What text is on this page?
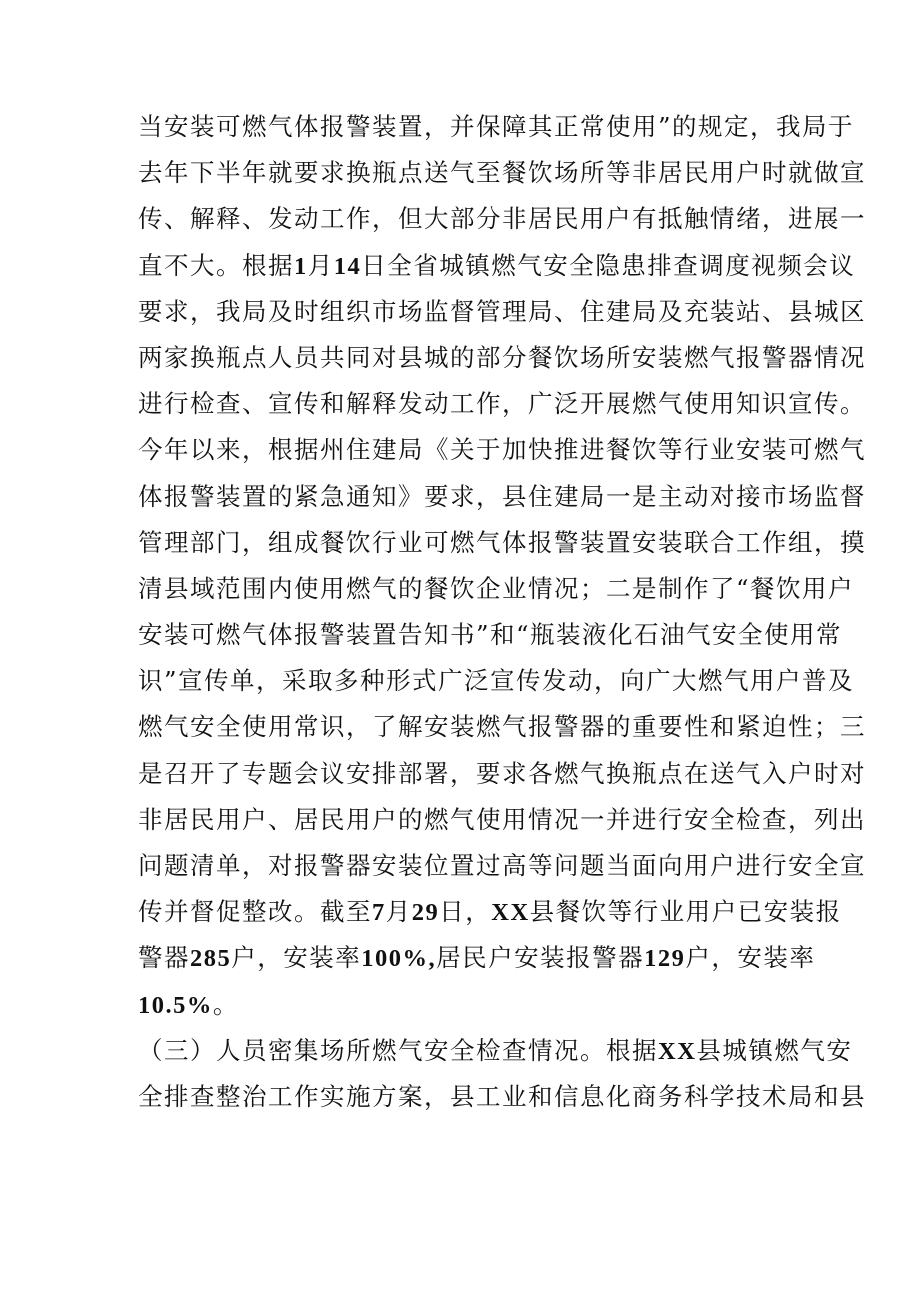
当安装可燃气体报警装置，并保障其正常使用”的规定，我局于
去年下半年就要求换瓶点送气至餐饮场所等非居民用户时就做宣
传、解释、发动工作，但大部分非居民用户有抵触情绪，进展一
直不大。根据1月14日全省城镇燃气安全隐患排查调度视频会议
要求，我局及时组织市场监督管理局、住建局及充装站、县城区
两家换瓶点人员共同对县城的部分餐饮场所安装燃气报警器情况
进行检查、宣传和解释发动工作，广泛开展燃气使用知识宣传。
今年以来，根据州住建局《关于加快推进餐饮等行业安装可燃气
体报警装置的紧急通知》要求，县住建局一是主动对接市场监督
管理部门，组成餐饮行业可燃气体报警装置安装联合工作组，摸
清县域范围内使用燃气的餐饮企业情况；二是制作了“餐饮用户
安装可燃气体报警装置告知书”和“瓶装液化石油气安全使用常
识”宣传单，采取多种形式广泛宣传发动，向广大燃气用户普及
燃气安全使用常识，了解安装燃气报警器的重要性和紧迫性；三
是召开了专题会议安排部署，要求各燃气换瓶点在送气入户时对
非居民用户、居民用户的燃气使用情况一并进行安全检查，列出
问题清单，对报警器安装位置过高等问题当面向用户进行安全宣
传并督促整改。截至7月29日，XX县餐饮等行业用户已安装报
警器285户，安装率100%,居民户安装报警器129户，安装率
10.5%。
（三）人员密集场所燃气安全检查情况。根据XX县城镇燃气安
全排查整治工作实施方案，县工业和信息化商务科学技术局和县
